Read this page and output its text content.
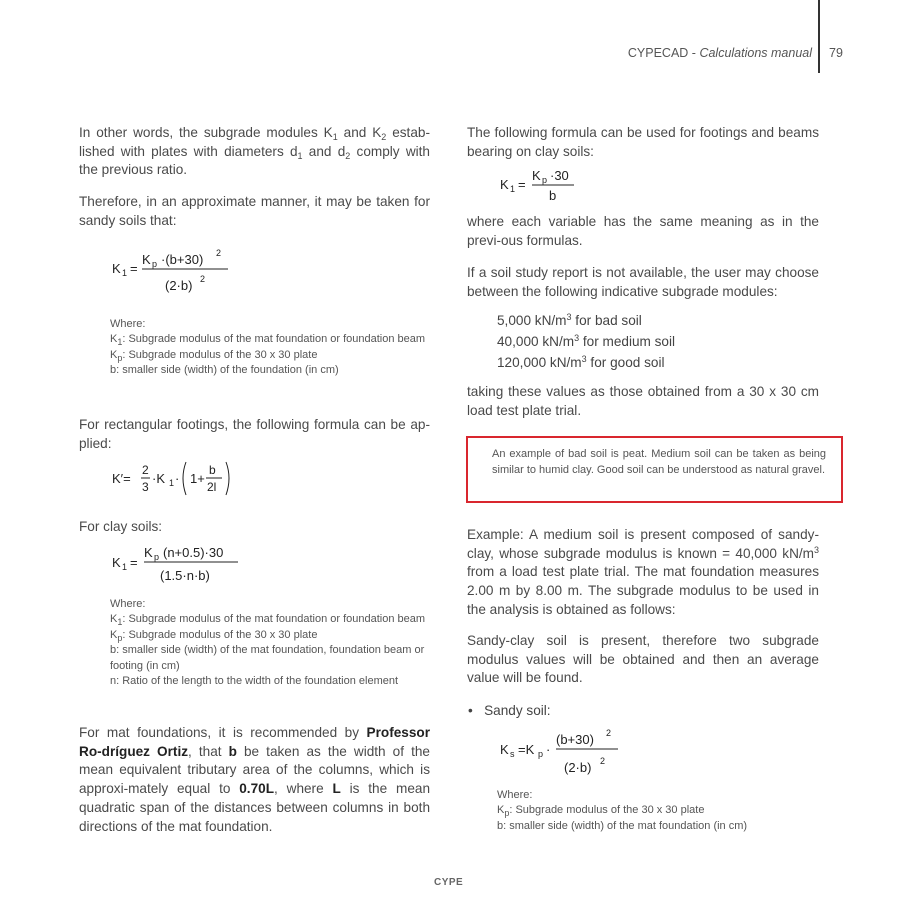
CYPECAD - Calculations manual 79

In other words, the subgrade modules $K_1$ and $K_2$ estab-lished with plates with diameters $d_1$ and $d_2$ comply with the previous ratio.

Therefore, in an approximate manner, it may be taken for sandy soils that:
K 1 =
K p ·(b+30) 2
(2·b) 2
Where:
$K_1$: Subgrade modulus of the mat foundation or foundation beam
$K_p$: Subgrade modulus of the 30 x 30 plate
b: smaller side (width) of the foundation (in cm)
For rectangular footings, the following formula can be ap-plied:
K′=
2
3
·K 1 · 1+
b
2l
For clay soils:
K 1 =
K p (n+0.5)·30
(1.5·n·b)
Where:
$K_1$: Subgrade modulus of the mat foundation or foundation beam
$K_p$: Subgrade modulus of the 30 x 30 plate
b: smaller side (width) of the mat foundation, foundation beam or footing (in cm)
n: Ratio of the length to the width of the foundation element

For mat foundations, it is recommended by Professor Ro-dríguez Ortiz, that b be taken as the width of the mean equivalent tributary area of the columns, which is approxi-mately equal to 0.70L, where L is the mean quadratic span of the distances between columns in both directions of the mat foundation.

The following formula can be used for footings and beams bearing on clay soils:
K 1 =
K p ·30
b
where each variable has the same meaning as in the previ-ous formulas.
If a soil study report is not available, the user may choose between the following indicative subgrade modules:
5,000 $kN/m^3$ for bad soil
40,000 $kN/m^3$ for medium soil
120,000 $kN/m^3$ for good soil
taking these values as those obtained from a 30 x 30 cm load test plate trial.
An example of bad soil is peat. Medium soil can be taken as being similar to humid clay. Good soil can be understood as natural gravel.

Example: A medium soil is present composed of sandy-clay, whose subgrade modulus is known = 40,000 $kN/m^3$ from a load test plate trial. The mat foundation measures 2.00 m by 8.00 m. The subgrade modulus to be used in the analysis is obtained as follows:

Sandy-clay soil is present, therefore two subgrade modulus values will be obtained and then an average value will be found.
•   Sandy soil:
K s =K p ·
(b+30) 2
(2·b) 2
Where:
$K_p$: Subgrade modulus of the 30 x 30 plate
b: smaller side (width) of the mat foundation (in cm)
CYPE
